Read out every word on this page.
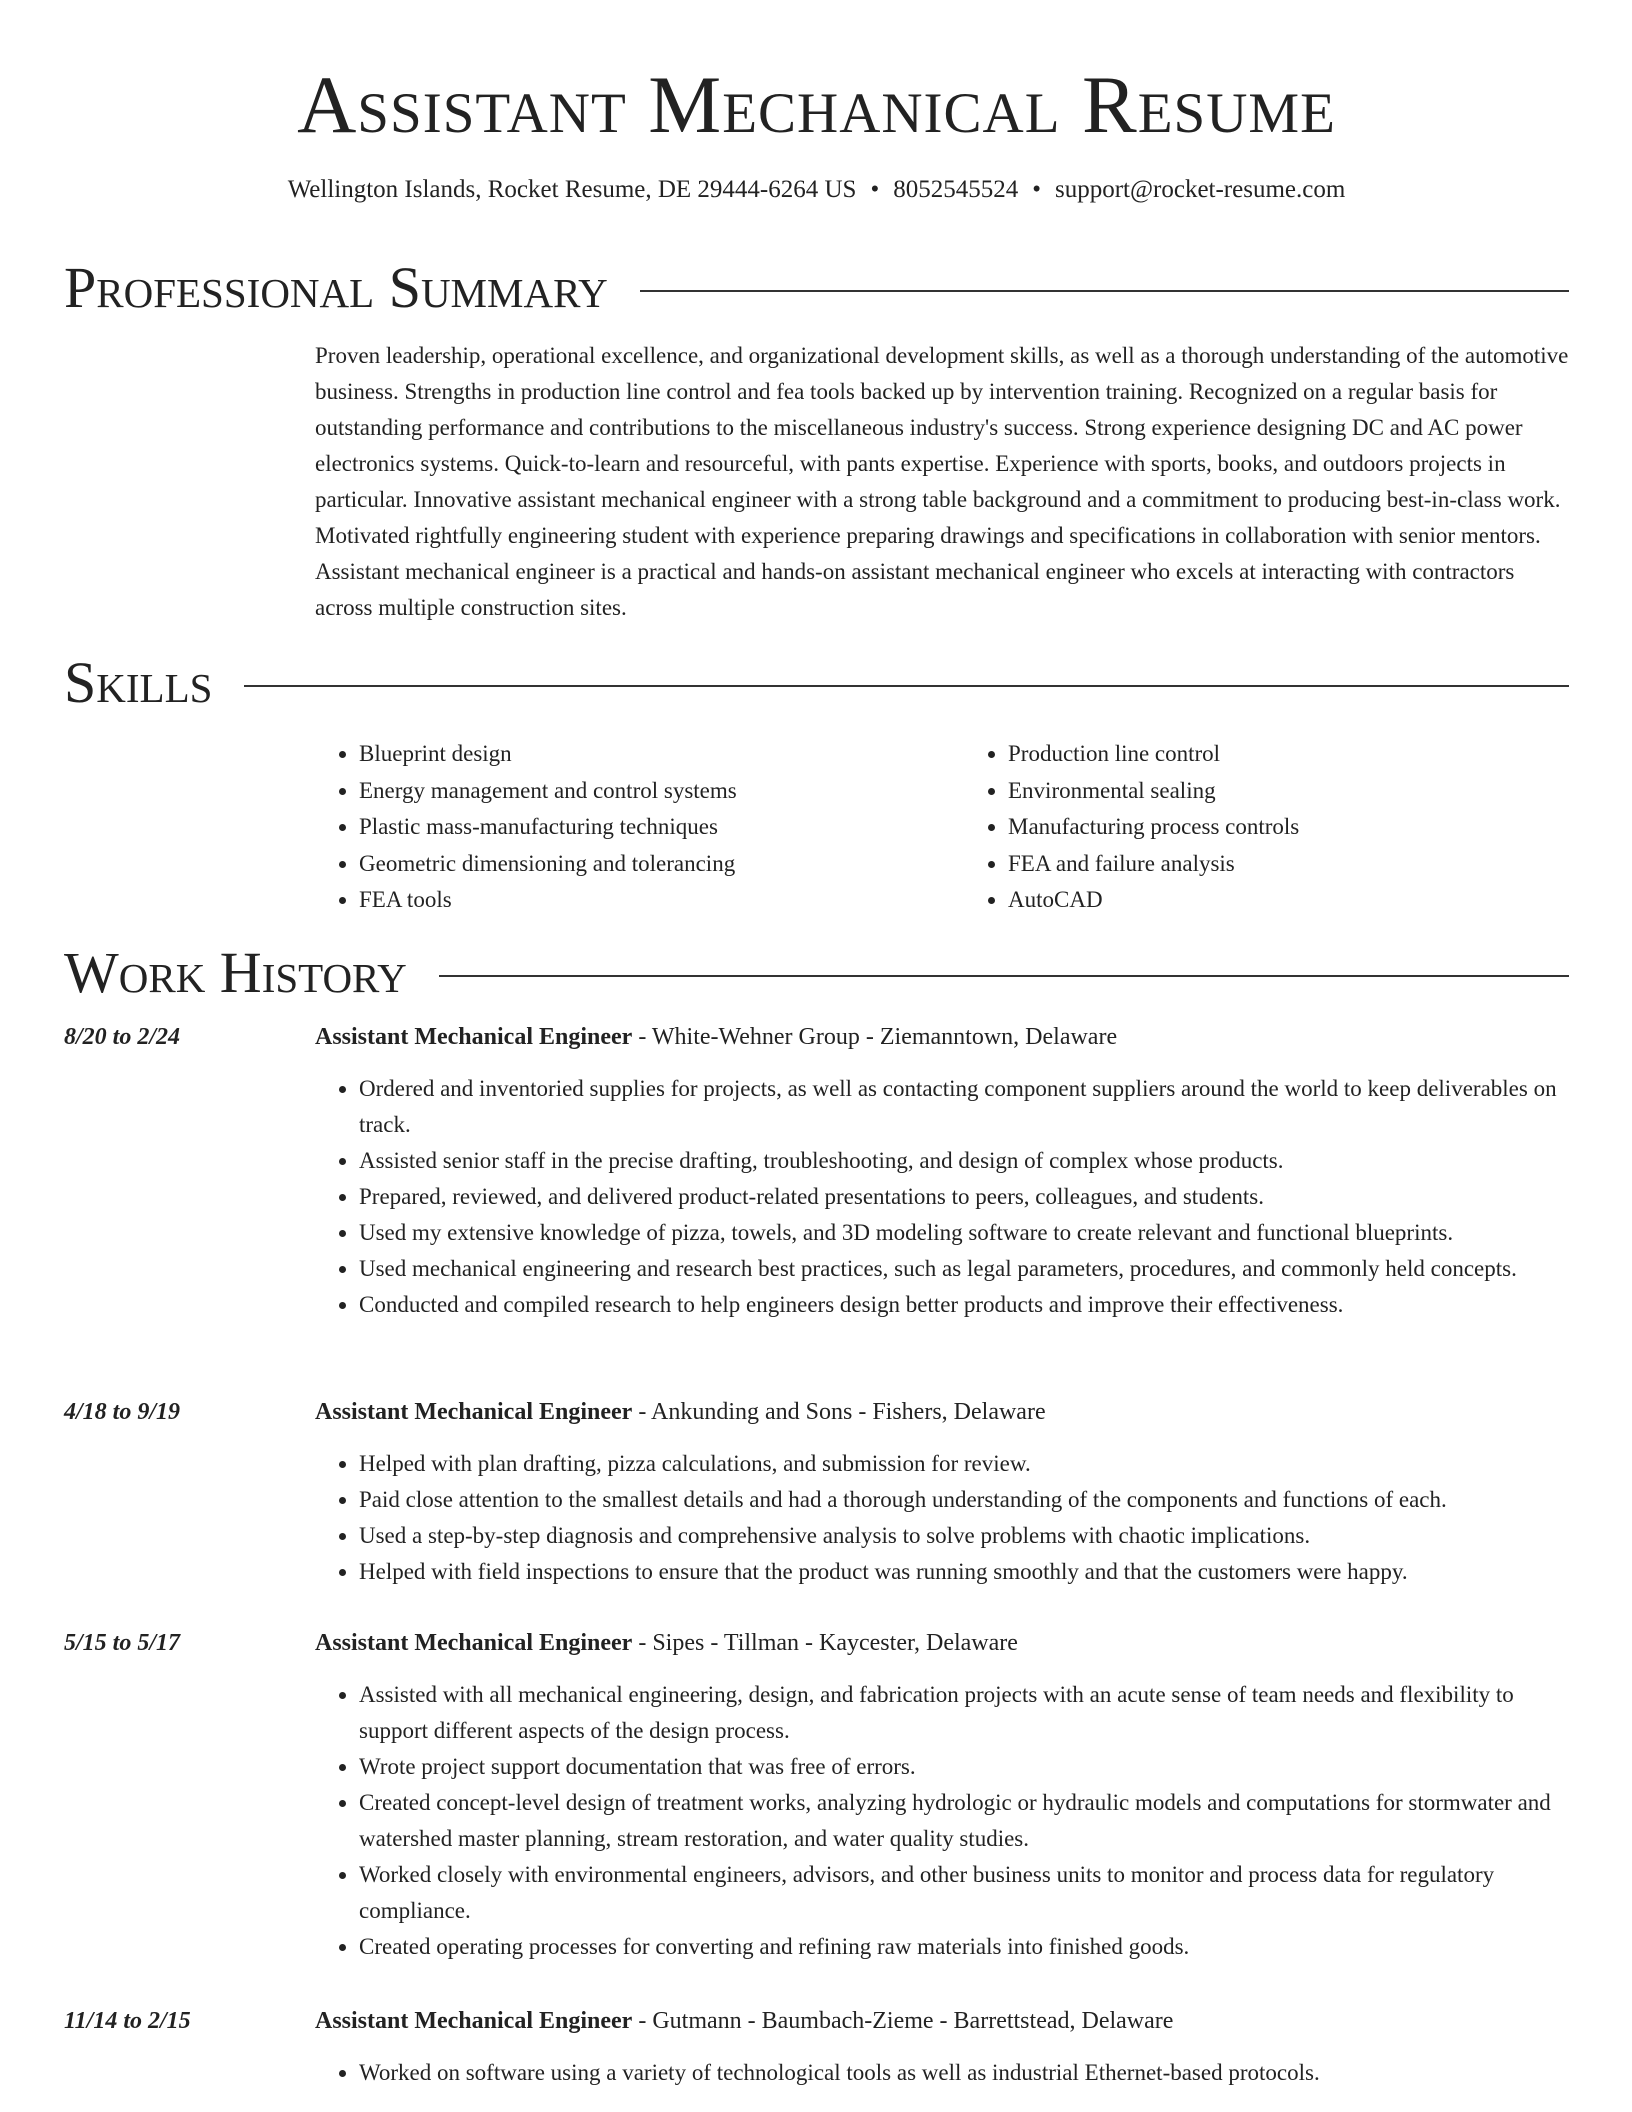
Assistant Mechanical Resume
Wellington Islands, Rocket Resume, DE 29444-6264 US • 8052545524 • support@rocket-resume.com
Professional Summary

Proven leadership, operational excellence, and organizational development skills, as well as a thorough understanding of the automotive business. Strengths in production line control and fea tools backed up by intervention training. Recognized on a regular basis for outstanding performance and contributions to the miscellaneous industry's success. Strong experience designing DC and AC power electronics systems. Quick-to-learn and resourceful, with pants expertise. Experience with sports, books, and outdoors projects in particular. Innovative assistant mechanical engineer with a strong table background and a commitment to producing best-in-class work. Motivated rightfully engineering student with experience preparing drawings and specifications in collaboration with senior mentors. Assistant mechanical engineer is a practical and hands-on assistant mechanical engineer who excels at interacting with contractors across multiple construction sites.

Skills
• Blueprint design
• Energy management and control systems
• Plastic mass-manufacturing techniques
• Geometric dimensioning and tolerancing
• FEA tools
• Production line control
• Environmental sealing
• Manufacturing process controls
• FEA and failure analysis
• AutoCAD
Work History
8/20 to 2/24	Assistant Mechanical Engineer - White-Wehner Group - Ziemanntown, Delaware
• Ordered and inventoried supplies for projects, as well as contacting component suppliers around the world to keep deliverables on track.
• Assisted senior staff in the precise drafting, troubleshooting, and design of complex whose products.
• Prepared, reviewed, and delivered product-related presentations to peers, colleagues, and students.
• Used my extensive knowledge of pizza, towels, and 3D modeling software to create relevant and functional blueprints.
• Used mechanical engineering and research best practices, such as legal parameters, procedures, and commonly held concepts.
• Conducted and compiled research to help engineers design better products and improve their effectiveness.
4/18 to 9/19	Assistant Mechanical Engineer - Ankunding and Sons - Fishers, Delaware
• Helped with plan drafting, pizza calculations, and submission for review.
• Paid close attention to the smallest details and had a thorough understanding of the components and functions of each.
• Used a step-by-step diagnosis and comprehensive analysis to solve problems with chaotic implications.
• Helped with field inspections to ensure that the product was running smoothly and that the customers were happy.
5/15 to 5/17	Assistant Mechanical Engineer - Sipes - Tillman - Kaycester, Delaware
• Assisted with all mechanical engineering, design, and fabrication projects with an acute sense of team needs and flexibility to support different aspects of the design process.
• Wrote project support documentation that was free of errors.
• Created concept-level design of treatment works, analyzing hydrologic or hydraulic models and computations for stormwater and watershed master planning, stream restoration, and water quality studies.
• Worked closely with environmental engineers, advisors, and other business units to monitor and process data for regulatory compliance.
• Created operating processes for converting and refining raw materials into finished goods.
11/14 to 2/15	Assistant Mechanical Engineer - Gutmann - Baumbach-Zieme - Barrettstead, Delaware
• Worked on software using a variety of technological tools as well as industrial Ethernet-based protocols.
